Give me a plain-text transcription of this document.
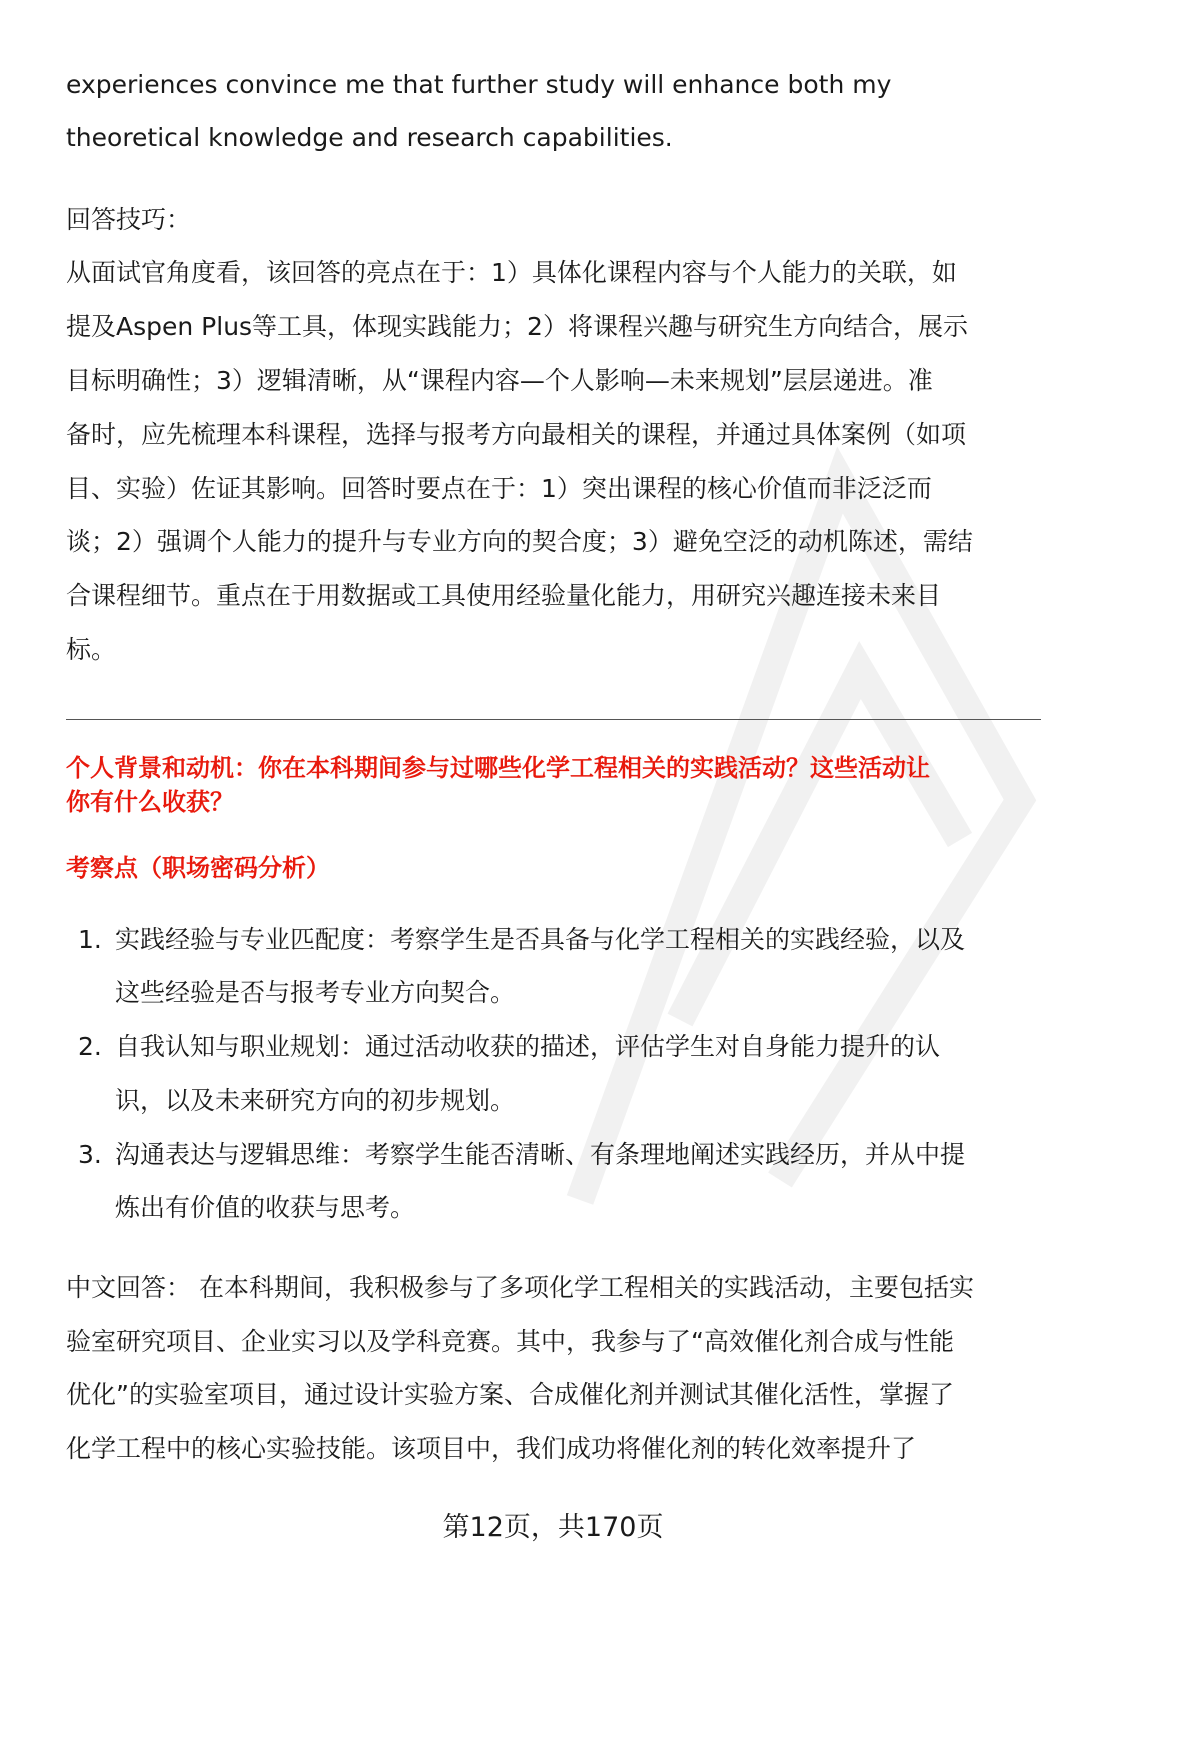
experiences convince me that further study will enhance both my
theoretical knowledge and research capabilities.
回答技巧：
从面试官角度看，该回答的亮点在于：1）具体化课程内容与个人能力的关联，如
提及Aspen Plus等工具，体现实践能力；2）将课程兴趣与研究生方向结合，展示
目标明确性；3）逻辑清晰，从“课程内容—个人影响—未来规划”层层递进。准
备时，应先梳理本科课程，选择与报考方向最相关的课程，并通过具体案例（如项
目、实验）佐证其影响。回答时要点在于：1）突出课程的核心价值而非泛泛而
谈；2）强调个人能力的提升与专业方向的契合度；3）避免空泛的动机陈述，需结
合课程细节。重点在于用数据或工具使用经验量化能力，用研究兴趣连接未来目
标。
个人背景和动机：你在本科期间参与过哪些化学工程相关的实践活动？这些活动让
你有什么收获？
考察点（职场密码分析）
1. 实践经验与专业匹配度：考察学生是否具备与化学工程相关的实践经验，以及
这些经验是否与报考专业方向契合。
2. 自我认知与职业规划：通过活动收获的描述，评估学生对自身能力提升的认
识，以及未来研究方向的初步规划。
3. 沟通表达与逻辑思维：考察学生能否清晰、有条理地阐述实践经历，并从中提
炼出有价值的收获与思考。
中文回答： 在本科期间，我积极参与了多项化学工程相关的实践活动，主要包括实
验室研究项目、企业实习以及学科竞赛。其中，我参与了“高效催化剂合成与性能
优化”的实验室项目，通过设计实验方案、合成催化剂并测试其催化活性，掌握了
化学工程中的核心实验技能。该项目中，我们成功将催化剂的转化效率提升了
第12页，共170页
